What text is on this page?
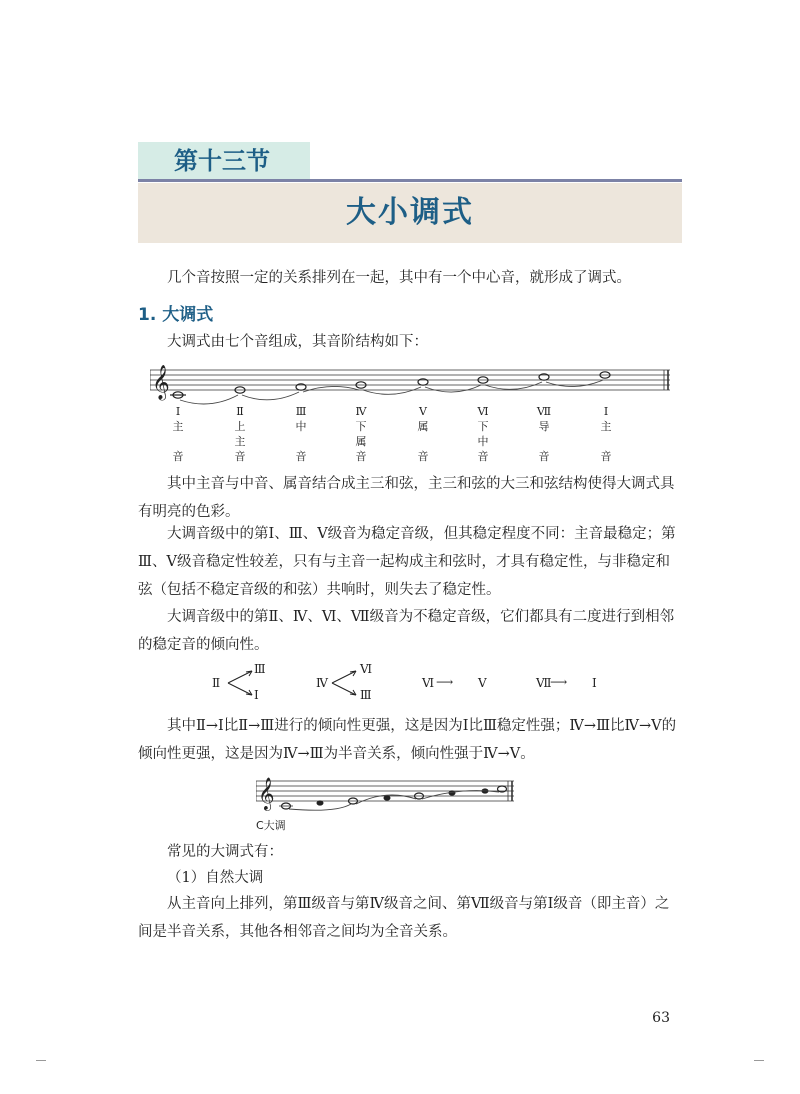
第十三节
大小调式
几个音按照一定的关系排列在一起，其中有一个中心音，就形成了调式。
1. 大调式
大调式由七个音组成，其音阶结构如下：
𝄞
Ⅰ
主

音
Ⅱ
上
主
音
Ⅲ
中

音
Ⅳ
下
属
音
Ⅴ
属

音
Ⅵ
下
中
音
Ⅶ
导

音
Ⅰ
主

音
其中主音与中音、属音结合成主三和弦，主三和弦的大三和弦结构使得大调式具有明亮的色彩。
大调音级中的第Ⅰ、Ⅲ、Ⅴ级音为稳定音级，但其稳定程度不同：主音最稳定；第Ⅲ、Ⅴ级音稳定性较差，只有与主音一起构成主和弦时，才具有稳定性，与非稳定和弦（包括不稳定音级的和弦）共响时，则失去了稳定性。
大调音级中的第Ⅱ、Ⅳ、Ⅵ、Ⅶ级音为不稳定音级，它们都具有二度进行到相邻的稳定音的倾向性。
Ⅱ
Ⅲ
Ⅰ
Ⅳ
Ⅵ
Ⅲ
Ⅵ ⟶ Ⅴ	Ⅶ
⟶ Ⅰ
其中Ⅱ→Ⅰ比Ⅱ→Ⅲ进行的倾向性更强，这是因为Ⅰ比Ⅲ稳定性强；Ⅳ→Ⅲ比Ⅳ→Ⅴ的倾向性更强，这是因为Ⅳ→Ⅲ为半音关系，倾向性强于Ⅳ→Ⅴ。
𝄞
C大调
常见的大调式有：
（1）自然大调
从主音向上排列，第Ⅲ级音与第Ⅳ级音之间、第Ⅶ级音与第Ⅰ级音（即主音）之间是半音关系，其他各相邻音之间均为全音关系。
63
